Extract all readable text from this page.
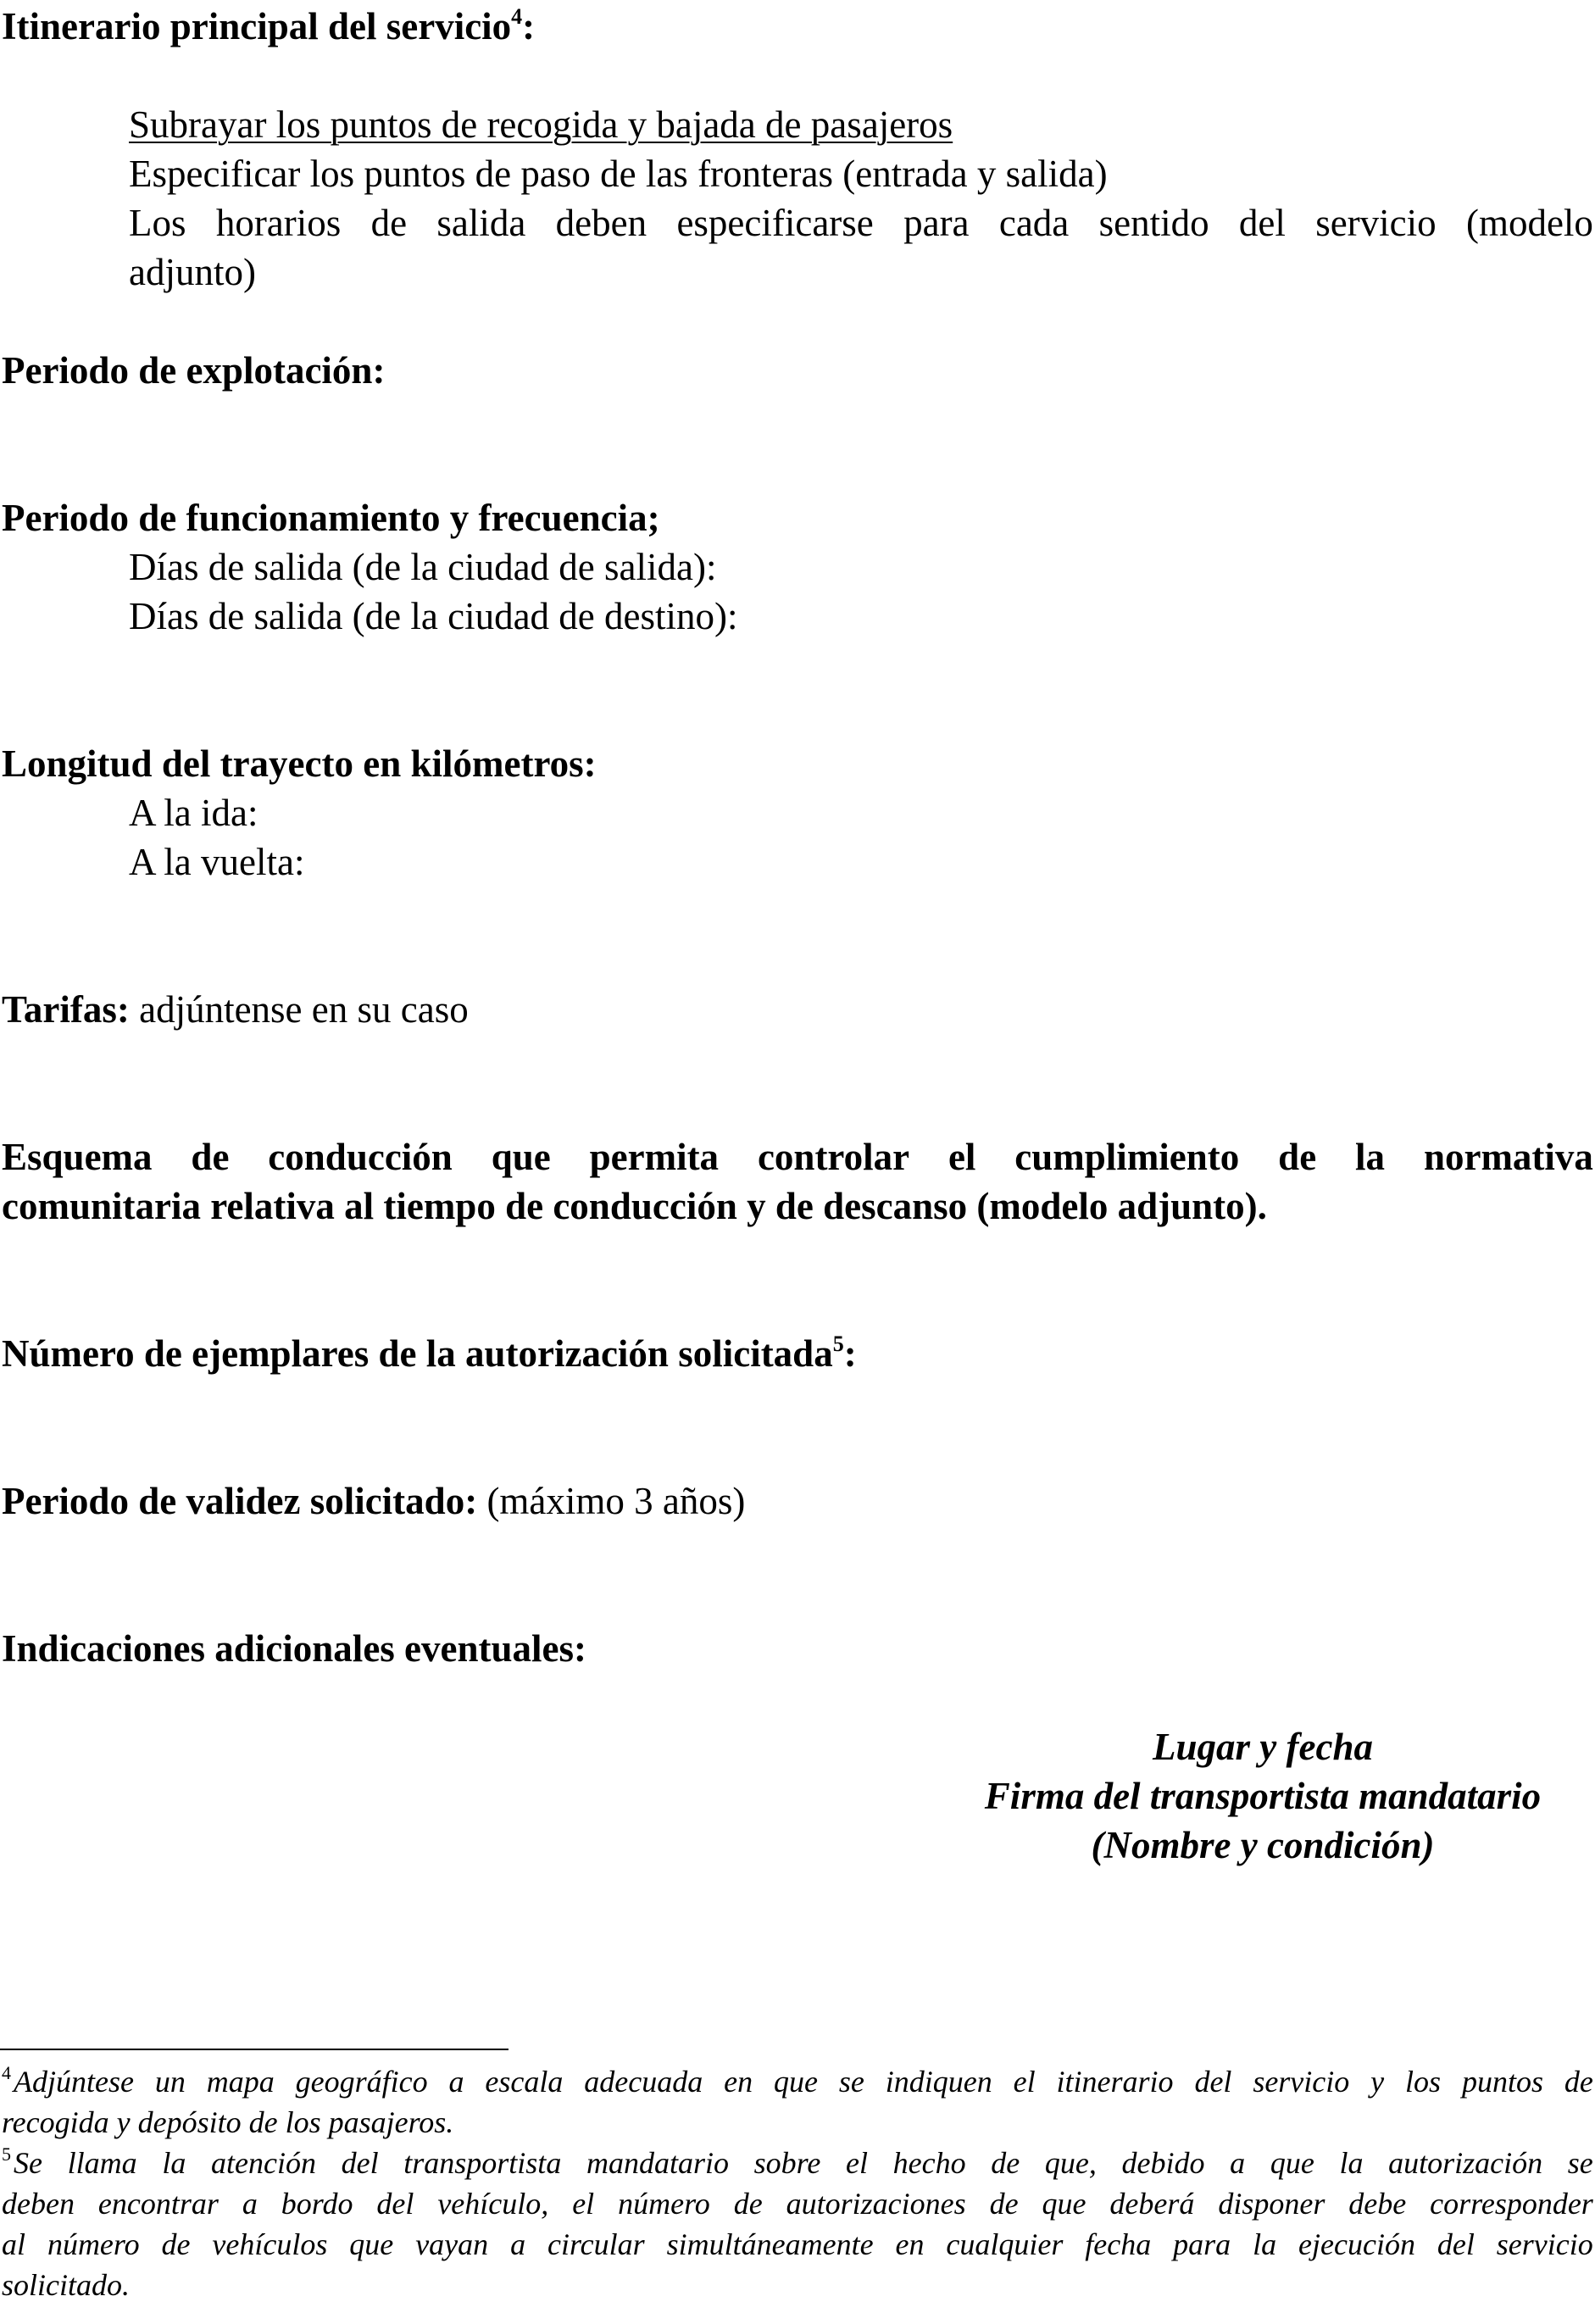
Itinerario principal del servicio$^4$:
Subrayar los puntos de recogida y bajada de pasajeros
Especificar los puntos de paso de las fronteras (entrada y salida)
Los horarios de salida deben especificarse para cada sentido del servicio (modelo
adjunto)
Periodo de explotación:
Periodo de funcionamiento y frecuencia;
Días de salida (de la ciudad de salida):
Días de salida (de la ciudad de destino):
Longitud del trayecto en kilómetros:
A la ida:
A la vuelta:
Tarifas: adjúntense en su caso
Esquema de conducción que permita controlar el cumplimiento de la normativa
comunitaria relativa al tiempo de conducción y de descanso (modelo adjunto).
Número de ejemplares de la autorización solicitada$^5$:
Periodo de validez solicitado: (máximo 3 años)
Indicaciones adicionales eventuales:
Lugar y fecha
Firma del transportista mandatario
(Nombre y condición)
$^4$ Adjúntese un mapa geográfico a escala adecuada en que se indiquen el itinerario del servicio y los puntos de
recogida y depósito de los pasajeros.
$^5$ Se llama la atención del transportista mandatario sobre el hecho de que, debido a que la autorización se
deben encontrar a bordo del vehículo, el número de autorizaciones de que deberá disponer debe corresponder
al número de vehículos que vayan a circular simultáneamente en cualquier fecha para la ejecución del servicio
solicitado.
